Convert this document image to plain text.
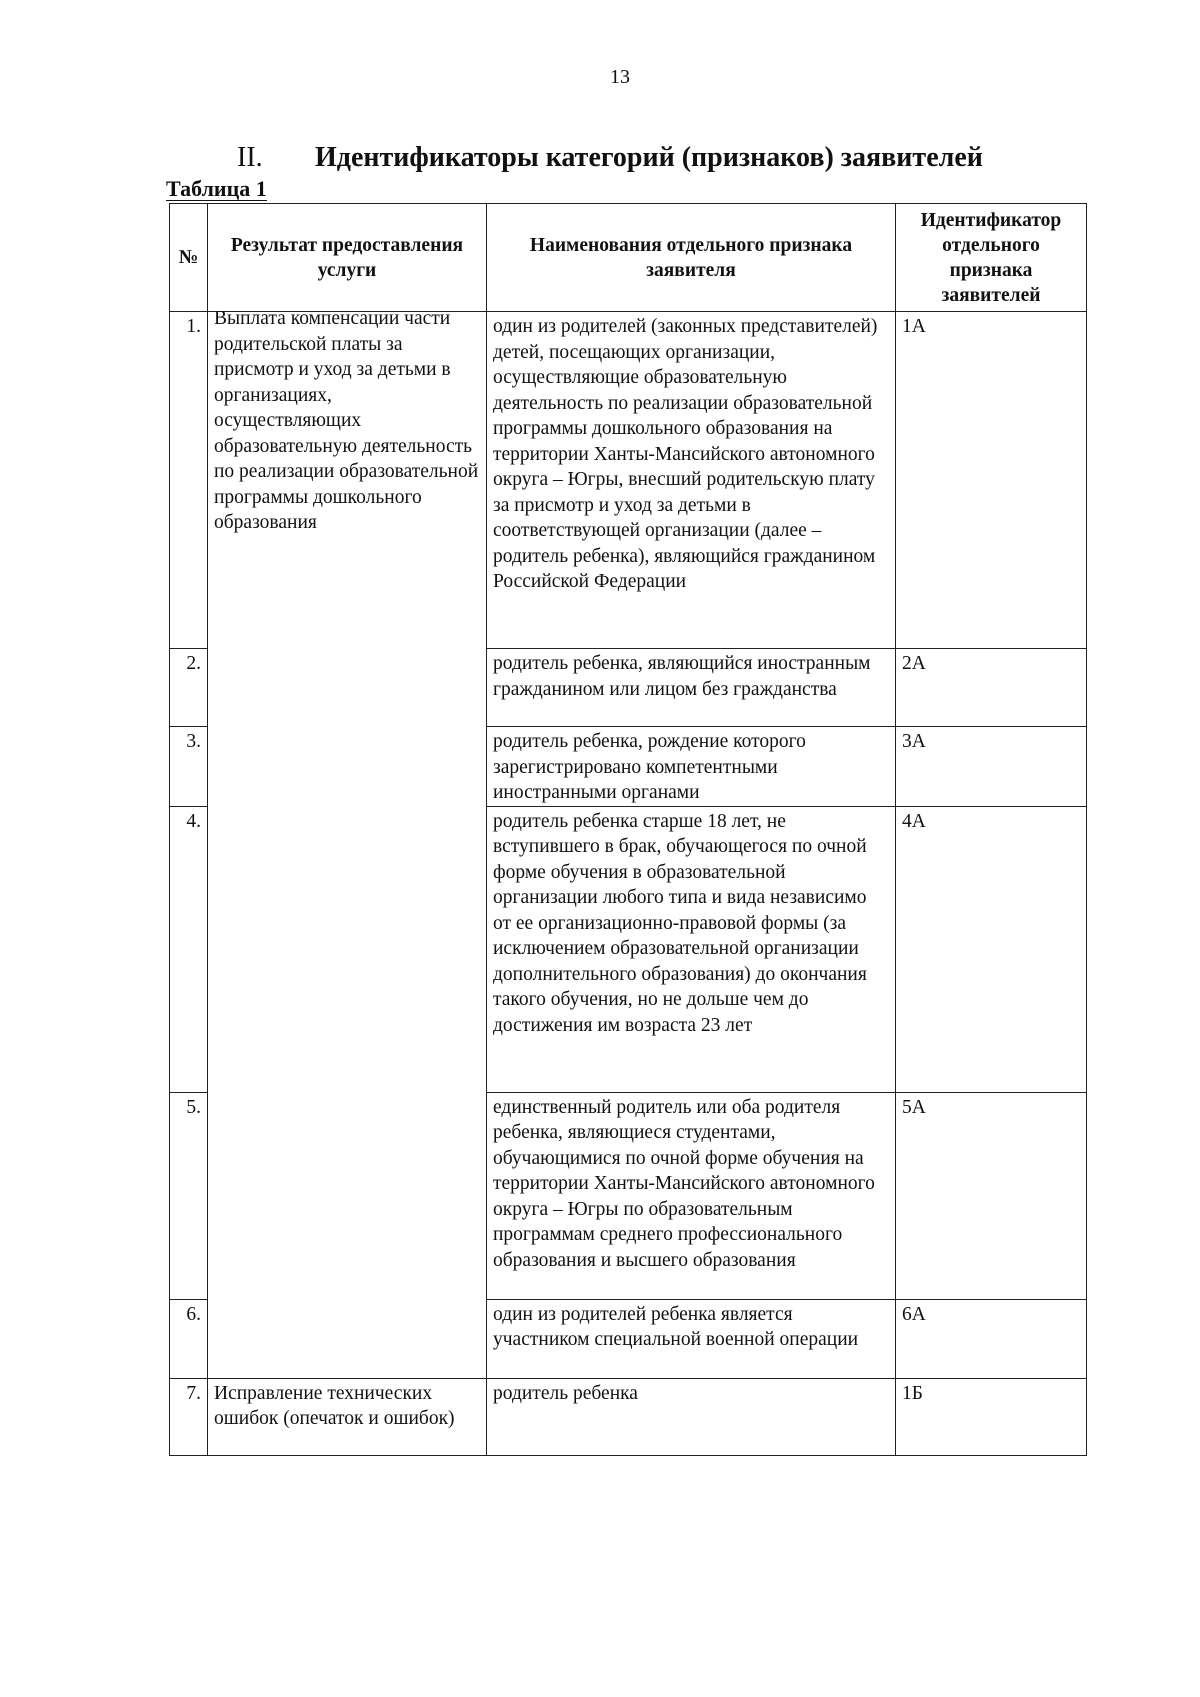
13
II. Идентификаторы категорий (признаков) заявителей
Таблица 1
№	Результат предоставления услуги	Наименования отдельного признака заявителя	Идентификатор отдельного признака заявителей
1.	Выплата компенсации части родительской платы за присмотр и уход за детьми в организациях, осуществляющих образовательную деятельность по реализации образовательной программы дошкольного образования	один из родителей (законных представителей) детей, посещающих организации, осуществляющие образовательную деятельность по реализации образовательной программы дошкольного образования на территории Ханты-Мансийского автономного округа – Югры, внесший родительскую плату за присмотр и уход за детьми в соответствующей организации (далее – родитель ребенка), являющийся гражданином Российской Федерации	1А
2.		родитель ребенка, являющийся иностранным гражданином или лицом без гражданства	2А
3.		родитель ребенка, рождение которого зарегистрировано компетентными иностранными органами	3А
4.		родитель ребенка старше 18 лет, не вступившего в брак, обучающегося по очной форме обучения в образовательной организации любого типа и вида независимо от ее организационно-правовой формы (за исключением образовательной организации дополнительного образования) до окончания такого обучения, но не дольше чем до достижения им возраста 23 лет	4А
5.		единственный родитель или оба родителя ребенка, являющиеся студентами, обучающимися по очной форме обучения на территории Ханты-Мансийского автономного округа – Югры по образовательным программам среднего профессионального образования и высшего образования	5А
6.		один из родителей ребенка является участником специальной военной операции	6А
7.	Исправление технических ошибок (опечаток и ошибок)	родитель ребенка	1Б
